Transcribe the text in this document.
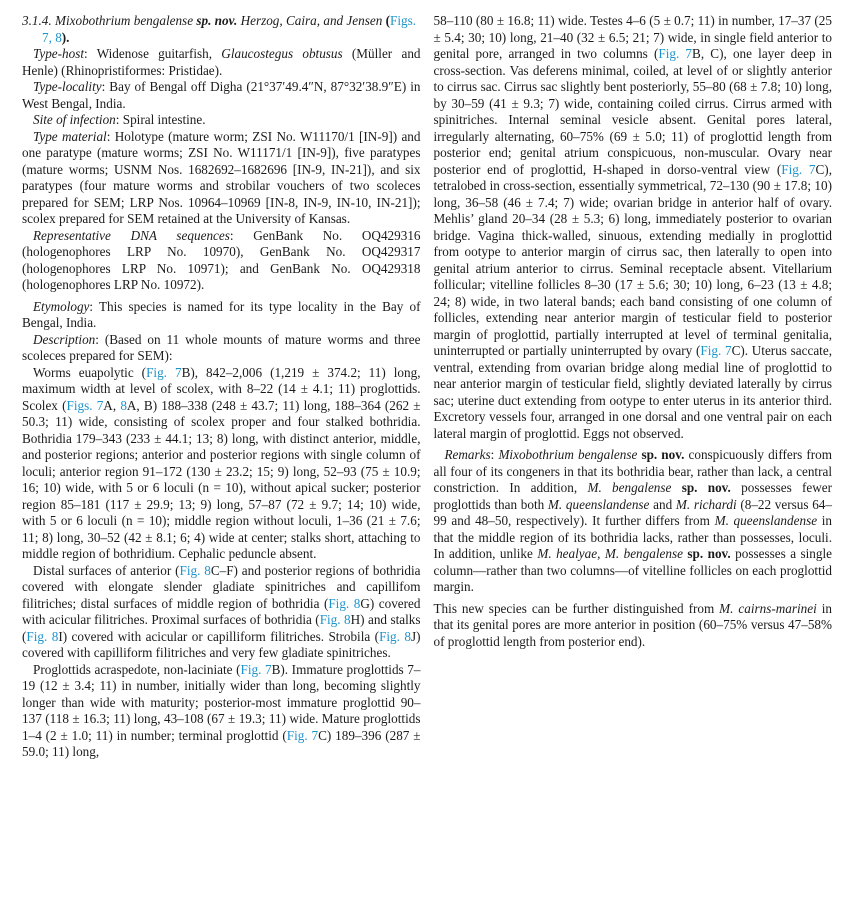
3.1.4. Mixobothrium bengalense sp. nov. Herzog, Caira, and Jensen (Figs. 7, 8).

Type-host: Widenose guitarfish, Glaucostegus obtusus (Müller and Henle) (Rhinopristiformes: Pristidae).

Type-locality: Bay of Bengal off Digha (21°37′49.4″N, 87°32′38.9″E) in West Bengal, India.

Site of infection: Spiral intestine.

Type material: Holotype (mature worm; ZSI No. W11170/1 [IN-9]) and one paratype (mature worms; ZSI No. W11171/1 [IN-9]), five paratypes (mature worms; USNM Nos. 1682692–1682696 [IN-9, IN-21]), and six paratypes (four mature worms and strobilar vouchers of two scoleces prepared for SEM; LRP Nos. 10964–10969 [IN-8, IN-9, IN-10, IN-21]); scolex prepared for SEM retained at the University of Kansas.

Representative DNA sequences: GenBank No. OQ429316 (hologenophores LRP No. 10970), GenBank No. OQ429317 (hologenophores LRP No. 10971); and GenBank No. OQ429318 (hologenophores LRP No. 10972).

Etymology: This species is named for its type locality in the Bay of Bengal, India.

Description: (Based on 11 whole mounts of mature worms and three scoleces prepared for SEM):

Worms euapolytic (Fig. 7B), 842–2,006 (1,219 ± 374.2; 11) long, maximum width at level of scolex, with 8–22 (14 ± 4.1; 11) proglottids. Scolex (Figs. 7A, 8A, B) 188–338 (248 ± 43.7; 11) long, 188–364 (262 ± 50.3; 11) wide, consisting of scolex proper and four stalked bothridia. Bothridia 179–343 (233 ± 44.1; 13; 8) long, with distinct anterior, middle, and posterior regions; anterior and posterior regions with single column of loculi; anterior region 91–172 (130 ± 23.2; 15; 9) long, 52–93 (75 ± 10.9; 16; 10) wide, with 5 or 6 loculi (n = 10), without apical sucker; posterior region 85–181 (117 ± 29.9; 13; 9) long, 57–87 (72 ± 9.7; 14; 10) wide, with 5 or 6 loculi (n = 10); middle region without loculi, 1–36 (21 ± 7.6; 11; 8) long, 30–52 (42 ± 8.1; 6; 4) wide at center; stalks short, attaching to middle region of bothridium. Cephalic peduncle absent.

Distal surfaces of anterior (Fig. 8C–F) and posterior regions of bothridia covered with elongate slender gladiate spinitriches and capillifom filitriches; distal surfaces of middle region of bothridia (Fig. 8G) covered with acicular filitriches. Proximal surfaces of bothridia (Fig. 8H) and stalks (Fig. 8I) covered with acicular or capilliform filitriches. Strobila (Fig. 8J) covered with capilliform filitriches and very few gladiate spinitriches.

Proglottids acraspedote, non-laciniate (Fig. 7B). Immature proglottids 7–19 (12 ± 3.4; 11) in number, initially wider than long, becoming slightly longer than wide with maturity; posterior-most immature proglottid 90–137 (118 ± 16.3; 11) long, 43–108 (67 ± 19.3; 11) wide. Mature proglottids 1–4 (2 ± 1.0; 11) in number; terminal proglottid (Fig. 7C) 189–396 (287 ± 59.0; 11) long,

58–110 (80 ± 16.8; 11) wide. Testes 4–6 (5 ± 0.7; 11) in number, 17–37 (25 ± 5.4; 30; 10) long, 21–40 (32 ± 6.5; 21; 7) wide, in single field anterior to genital pore, arranged in two columns (Fig. 7B, C), one layer deep in cross-section. Vas deferens minimal, coiled, at level of or slightly anterior to cirrus sac. Cirrus sac slightly bent posteriorly, 55–80 (68 ± 7.8; 10) long, by 30–59 (41 ± 9.3; 7) wide, containing coiled cirrus. Cirrus armed with spinitriches. Internal seminal vesicle absent. Genital pores lateral, irregularly alternating, 60–75% (69 ± 5.0; 11) of proglottid length from posterior end; genital atrium conspicuous, non-muscular. Ovary near posterior end of proglottid, H-shaped in dorso-ventral view (Fig. 7C), tetralobed in cross-section, essentially symmetrical, 72–130 (90 ± 17.8; 10) long, 36–58 (46 ± 7.4; 7) wide; ovarian bridge in anterior half of ovary. Mehlis’ gland 20–34 (28 ± 5.3; 6) long, immediately posterior to ovarian bridge. Vagina thick-walled, sinuous, extending medially in proglottid from ootype to anterior margin of cirrus sac, then laterally to open into genital atrium anterior to cirrus. Seminal receptacle absent. Vitellarium follicular; vitelline follicles 8–30 (17 ± 5.6; 30; 10) long, 6–23 (13 ± 4.8; 24; 8) wide, in two lateral bands; each band consisting of one column of follicles, extending near anterior margin of testicular field to posterior margin of proglottid, partially interrupted at level of terminal genitalia, uninterrupted or partially uninterrupted by ovary (Fig. 7C). Uterus saccate, ventral, extending from ovarian bridge along medial line of proglottid to near anterior margin of testicular field, slightly deviated laterally by cirrus sac; uterine duct extending from ootype to enter uterus in its anterior third. Excretory vessels four, arranged in one dorsal and one ventral pair on each lateral margin of proglottid. Eggs not observed.

Remarks: Mixobothrium bengalense sp. nov. conspicuously differs from all four of its congeners in that its bothridia bear, rather than lack, a central constriction. In addition, M. bengalense sp. nov. possesses fewer proglottids than both M. queenslandense and M. richardi (8–22 versus 64–99 and 48–50, respectively). It further differs from M. queenslandense in that the middle region of its bothridia lacks, rather than possesses, loculi. In addition, unlike M. healyae, M. bengalense sp. nov. possesses a single column—rather than two columns—of vitelline follicles on each proglottid margin.

This new species can be further distinguished from M. cairns-marinei in that its genital pores are more anterior in position (60–75% versus 47–58% of proglottid length from posterior end).
